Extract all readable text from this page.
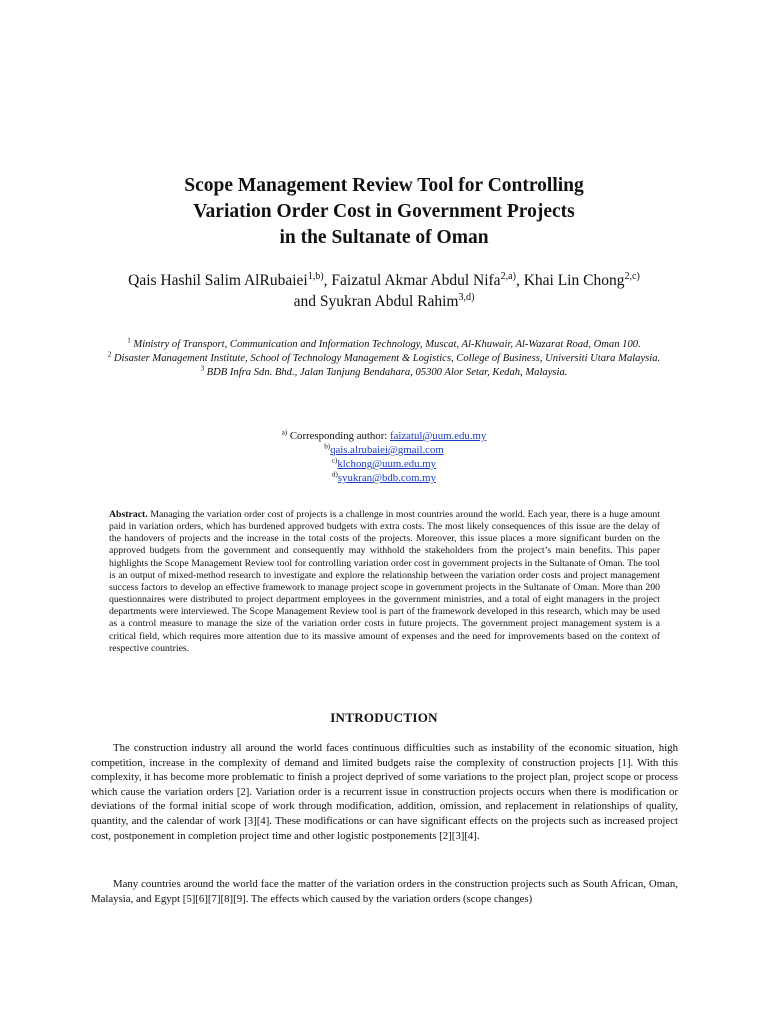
Scope Management Review Tool for Controlling
Variation Order Cost in Government Projects
in the Sultanate of Oman
Qais Hashil Salim AlRubaiei$^{1,b)}$, Faizatul Akmar Abdul Nifa$^{2,a)}$, Khai Lin Chong$^{2,c)}$
and Syukran Abdul Rahim$^{3,d)}$

$^1$ Ministry of Transport, Communication and Information Technology, Muscat, Al-Khuwair, Al-Wazarat Road, Oman 100.

$^2$ Disaster Management Institute, School of Technology Management & Logistics, College of Business, Universiti Utara Malaysia.

$^3$ BDB Infra Sdn. Bhd., Jalan Tanjung Bendahara, 05300 Alor Setar, Kedah, Malaysia.

$^{a)}$ Corresponding author: faizatul@uum.edu.my
$^{b)}$qais.alrubaiei@gmail.com
$^{c)}$klchong@uum.edu.my
$^{d)}$syukran@bdb.com.my
Abstract. Managing the variation order cost of projects is a challenge in most countries around the world. Each year, there is a huge amount paid in variation orders, which has burdened approved budgets with extra costs. The most likely consequences of this issue are the delay of the handovers of projects and the increase in the total costs of the projects. Moreover, this issue places a more significant burden on the approved budgets from the government and consequently may withhold the stakeholders from the project’s main benefits. This paper highlights the Scope Management Review tool for controlling variation order cost in government projects in the Sultanate of Oman. The tool is an output of mixed-method research to investigate and explore the relationship between the variation order costs and project management success factors to develop an effective framework to manage project scope in government projects in the Sultanate of Oman. More than 200 questionnaires were distributed to project department employees in the government ministries, and a total of eight managers in the project departments were interviewed. The Scope Management Review tool is part of the framework developed in this research, which may be used as a control measure to manage the size of the variation order costs in future projects. The government project management system is a critical field, which requires more attention due to its massive amount of expenses and the need for improvements based on the context of respective countries.
INTRODUCTION

The construction industry all around the world faces continuous difficulties such as instability of the economic situation, high competition, increase in the complexity of demand and limited budgets raise the complexity of construction projects [1]. With this complexity, it has become more problematic to finish a project deprived of some variations to the project plan, project scope or process which cause the variation orders [2]. Variation order is a recurrent issue in construction projects occurs when there is modification or deviations of the formal initial scope of work through modification, addition, omission, and replacement in relationships of quality, quantity, and the calendar of work [3][4]. These modifications or can have significant effects on the projects such as increased project cost, postponement in completion project time and other logistic postponements [2][3][4].

Many countries around the world face the matter of the variation orders in the construction projects such as South African, Oman, Malaysia, and Egypt [5][6][7][8][9]. The effects which caused by the variation orders (scope changes)
